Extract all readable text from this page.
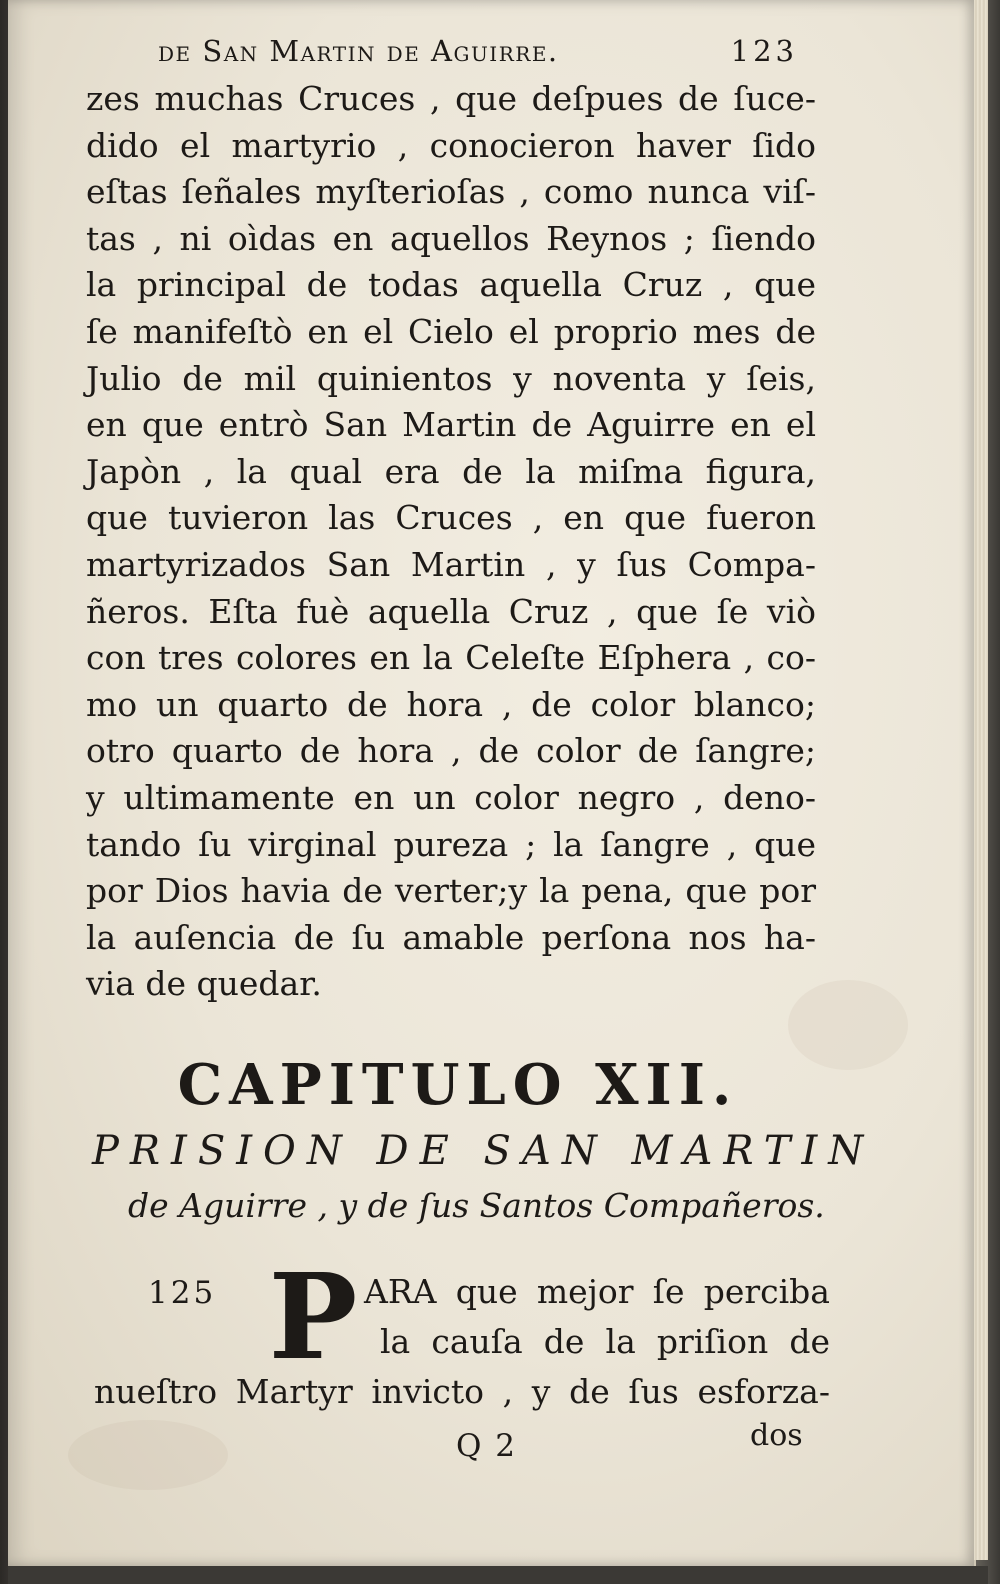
de San Martin de Aguirre.	123
zes muchas Cruces , que deſpues de ſuce-
dido el martyrio , conocieron haver ſido
eſtas ſeñales myſterioſas , como nunca viſ-
tas , ni oìdas en aquellos Reynos ; ſiendo
la principal de todas aquella Cruz , que
ſe manifeſtò en el Cielo el proprio mes de
Julio de mil quinientos y noventa y ſeis,
en que entrò San Martin de Aguirre en el
Japòn , la qual era de la miſma figura,
que tuvieron las Cruces , en que fueron
martyrizados San Martin , y ſus Compa-
ñeros. Eſta fuè aquella Cruz , que ſe viò
con tres colores en la Celeſte Eſphera , co-
mo un quarto de hora , de color blanco;
otro quarto de hora , de color de ſangre;
y ultimamente en un color negro , deno-
tando ſu virginal pureza ; la ſangre , que
por Dios havia de verter;y la pena, que por
la auſencia de ſu amable perſona nos ha-
via de quedar.
CAPITULO XII.
PRISION DE SAN MARTIN
de Aguirre , y de ſus Santos Compañeros.
125 P ARA que mejor ſe perciba
la cauſa de la priſion de
nueſtro Martyr invicto , y de ſus esforza-
Q 2	dos
